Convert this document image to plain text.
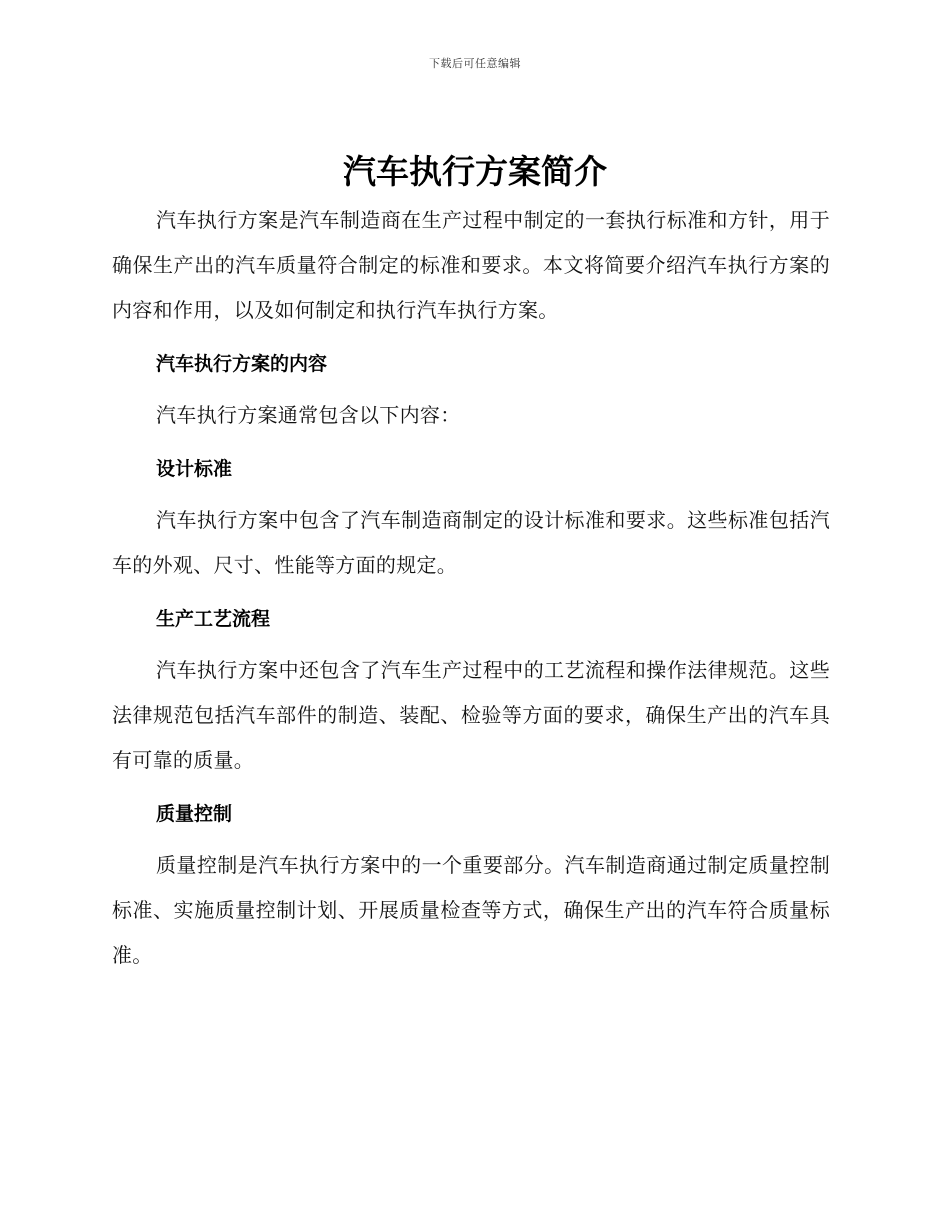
下载后可任意编辑
汽车执行方案简介

汽车执行方案是汽车制造商在生产过程中制定的一套执行标准和方针，用于确保生产出的汽车质量符合制定的标准和要求。本文将简要介绍汽车执行方案的内容和作用，以及如何制定和执行汽车执行方案。

汽车执行方案的内容

汽车执行方案通常包含以下内容：

设计标准

汽车执行方案中包含了汽车制造商制定的设计标准和要求。这些标准包括汽车的外观、尺寸、性能等方面的规定。

生产工艺流程

汽车执行方案中还包含了汽车生产过程中的工艺流程和操作法律规范。这些法律规范包括汽车部件的制造、装配、检验等方面的要求，确保生产出的汽车具有可靠的质量。

质量控制

质量控制是汽车执行方案中的一个重要部分。汽车制造商通过制定质量控制标准、实施质量控制计划、开展质量检查等方式，确保生产出的汽车符合质量标准。
